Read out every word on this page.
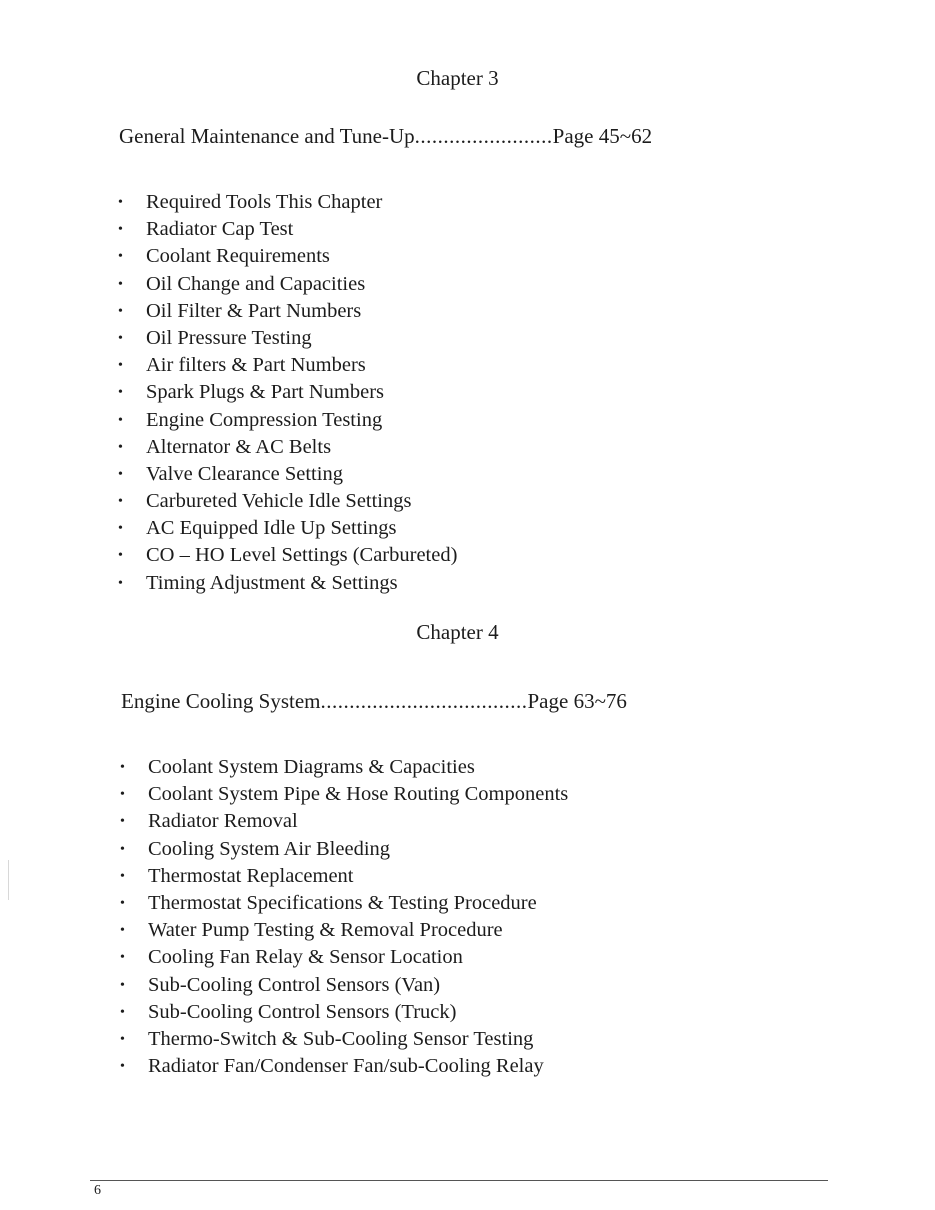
Chapter 3

General Maintenance and Tune-Up........................Page 45~62

• Required Tools This Chapter
• Radiator Cap Test
• Coolant Requirements
• Oil Change and Capacities
• Oil Filter & Part Numbers
• Oil Pressure Testing
• Air filters & Part Numbers
• Spark Plugs & Part Numbers
• Engine Compression Testing
• Alternator & AC Belts
• Valve Clearance Setting
• Carbureted Vehicle Idle Settings
• AC Equipped Idle Up Settings
• CO – HO Level Settings (Carbureted)
• Timing Adjustment & Settings
Chapter 4

Engine Cooling System....................................Page 63~76

• Coolant System Diagrams & Capacities
• Coolant System Pipe & Hose Routing Components
• Radiator Removal
• Cooling System Air Bleeding
• Thermostat Replacement
• Thermostat Specifications & Testing Procedure
• Water Pump Testing & Removal Procedure
• Cooling Fan Relay & Sensor Location
• Sub-Cooling Control Sensors (Van)
• Sub-Cooling Control Sensors (Truck)
• Thermo-Switch & Sub-Cooling Sensor Testing
• Radiator Fan/Condenser Fan/sub-Cooling Relay
6
